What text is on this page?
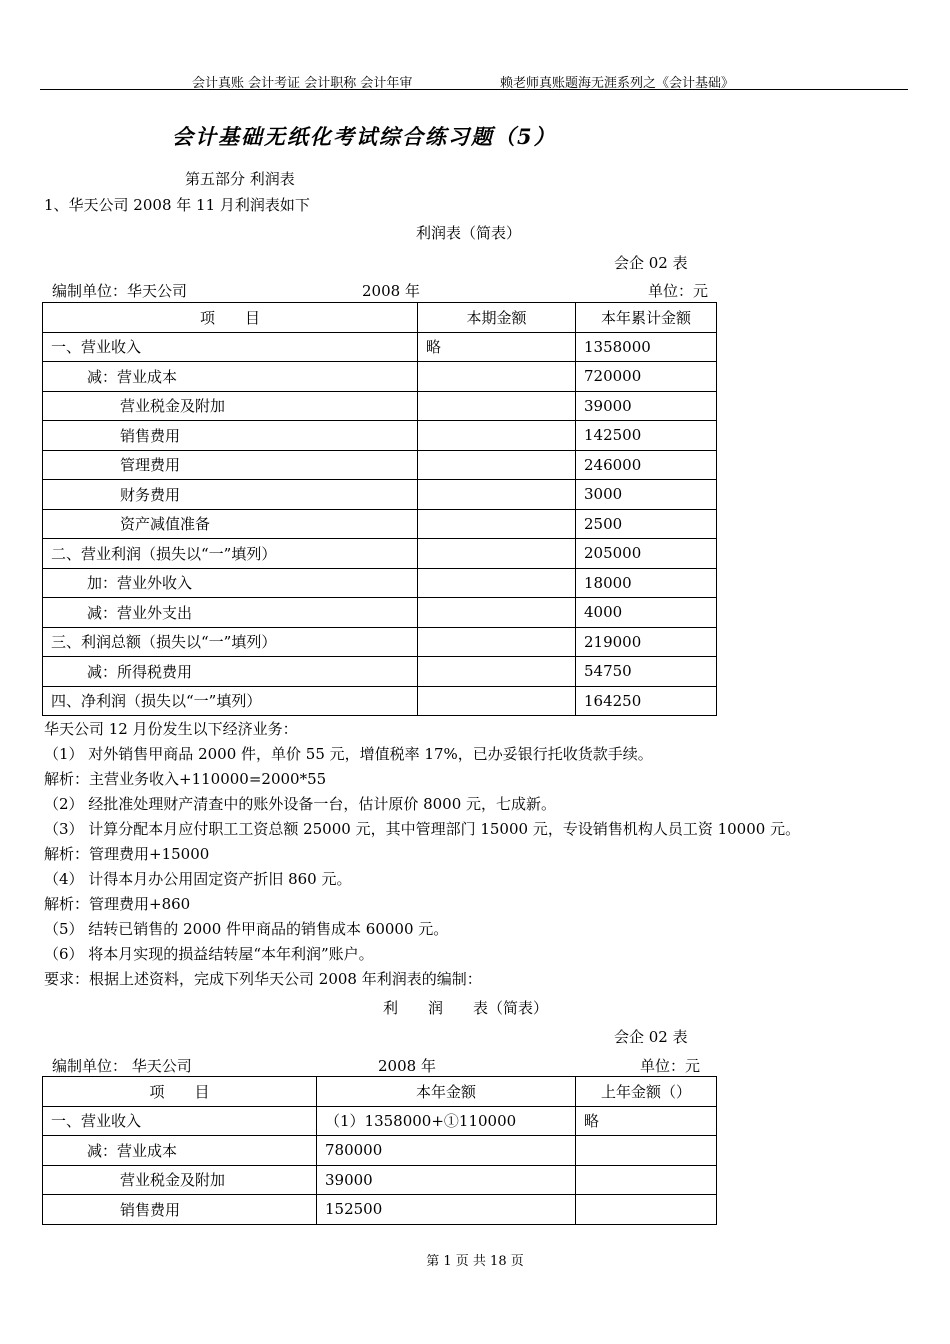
会计真账 会计考证 会计职称 会计年审	赖老师真账题海无涯系列之《会计基础》
会计基础无纸化考试综合练习题（5）
第五部分 利润表
1、华天公司 2008 年 11 月利润表如下
利润表（简表）
会企 02 表
编制单位：华天公司	2008 年	单位：元
项　　目	本期金额	本年累计金额
一、营业收入	略	1358000
减：营业成本		720000
营业税金及附加		39000
销售费用		142500
管理费用		246000
财务费用		3000
资产减值准备		2500
二、营业利润（损失以“一”填列）		205000
加：营业外收入		18000
减：营业外支出		4000
三、利润总额（损失以“一”填列）		219000
减：所得税费用		54750
四、净利润（损失以“一”填列）		164250
华天公司 12 月份发生以下经济业务：
（1） 对外销售甲商品 2000 件，单价 55 元，增值税率 17%，已办妥银行托收货款手续。
解析：主营业务收入+110000=2000*55
（2） 经批准处理财产清查中的账外设备一台，估计原价 8000 元，七成新。
（3） 计算分配本月应付职工工资总额 25000 元，其中管理部门 15000 元，专设销售机构人员工资 10000 元。
解析：管理费用+15000
（4） 计得本月办公用固定资产折旧 860 元。
解析：管理费用+860
（5） 结转已销售的 2000 件甲商品的销售成本 60000 元。
（6） 将本月实现的损益结转屋“本年利润”账户。
要求：根据上述资料，完成下列华天公司 2008 年利润表的编制：
利　　润　　表（简表）
会企 02 表
编制单位： 华天公司	2008 年	单位：元
项　　目	本年金额	上年金额（）
一、营业收入	（1）1358000+①110000	略
减：营业成本	780000	
营业税金及附加	39000	
销售费用	152500	
第 1 页 共 18 页
